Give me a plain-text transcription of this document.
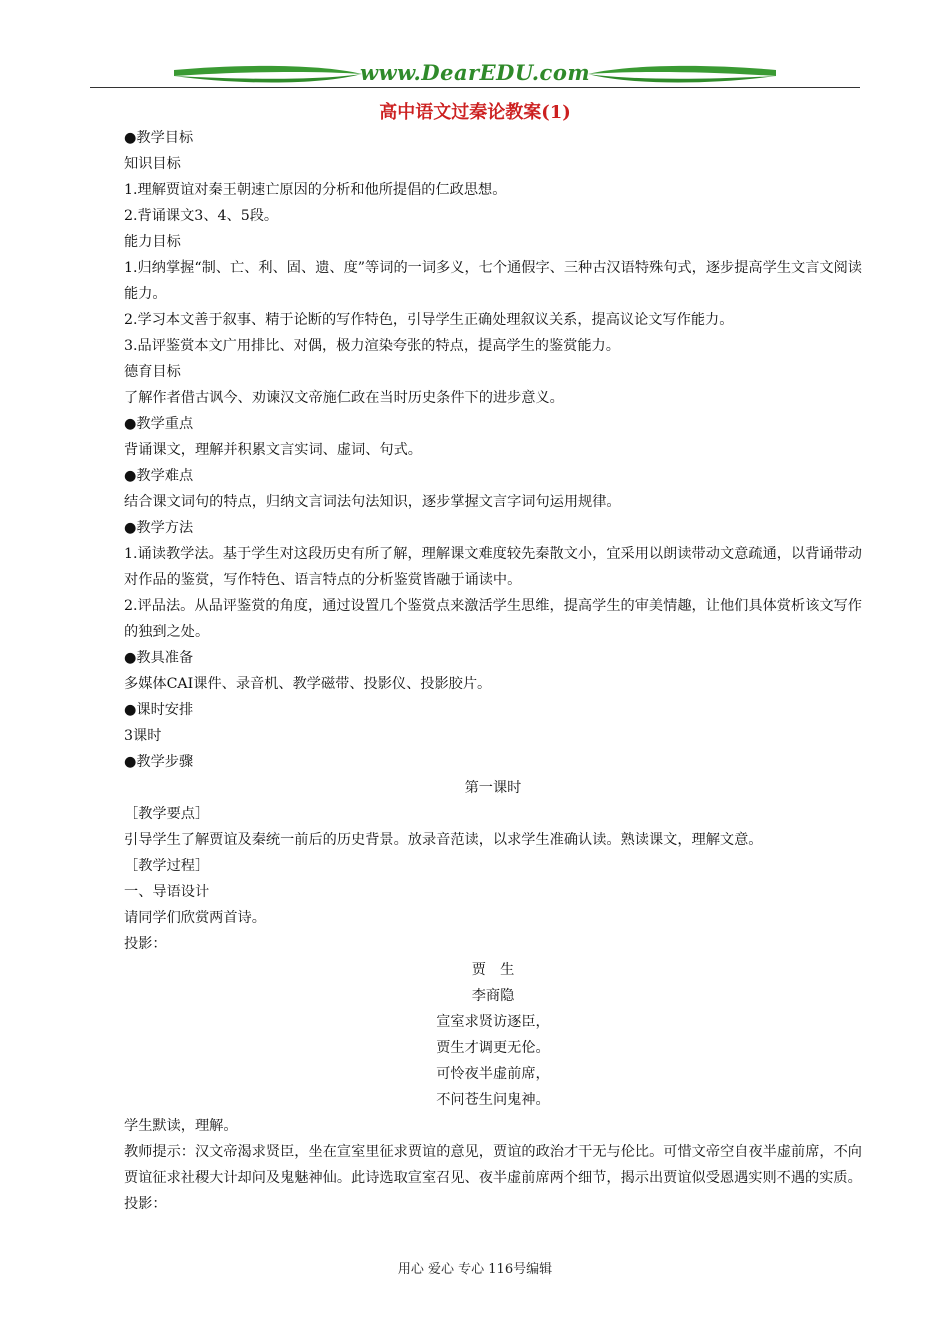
www.DearEDU.com
高中语文过秦论教案(1)
●教学目标
知识目标
1.理解贾谊对秦王朝速亡原因的分析和他所提倡的仁政思想。
2.背诵课文3、4、5段。
能力目标
1.归纳掌握“制、亡、利、固、遗、度”等词的一词多义，七个通假字、三种古汉语特殊句式，逐步提高学生文言文阅读能力。
2.学习本文善于叙事、精于论断的写作特色，引导学生正确处理叙议关系，提高议论文写作能力。
3.品评鉴赏本文广用排比、对偶，极力渲染夸张的特点，提高学生的鉴赏能力。
德育目标
了解作者借古讽今、劝谏汉文帝施仁政在当时历史条件下的进步意义。
●教学重点
背诵课文，理解并积累文言实词、虚词、句式。
●教学难点
结合课文词句的特点，归纳文言词法句法知识，逐步掌握文言字词句运用规律。
●教学方法
1.诵读教学法。基于学生对这段历史有所了解，理解课文难度较先秦散文小，宜采用以朗读带动文意疏通，以背诵带动对作品的鉴赏，写作特色、语言特点的分析鉴赏皆融于诵读中。
2.评品法。从品评鉴赏的角度，通过设置几个鉴赏点来激活学生思维，提高学生的审美情趣，让他们具体赏析该文写作的独到之处。
●教具准备
多媒体CAI课件、录音机、教学磁带、投影仪、投影胶片。
●课时安排
3课时
●教学步骤
第一课时
［教学要点］
引导学生了解贾谊及秦统一前后的历史背景。放录音范读，以求学生准确认读。熟读课文，理解文意。
［教学过程］
一、导语设计
请同学们欣赏两首诗。
投影：
贾　生
李商隐
宣室求贤访逐臣，
贾生才调更无伦。
可怜夜半虚前席，
不问苍生问鬼神。
学生默读，理解。
教师提示：汉文帝渴求贤臣，坐在宣室里征求贾谊的意见，贾谊的政治才干无与伦比。可惜文帝空自夜半虚前席，不向贾谊征求社稷大计却问及鬼魅神仙。此诗选取宣室召见、夜半虚前席两个细节，揭示出贾谊似受恩遇实则不遇的实质。
投影：
用心 爱心 专心 116号编辑
